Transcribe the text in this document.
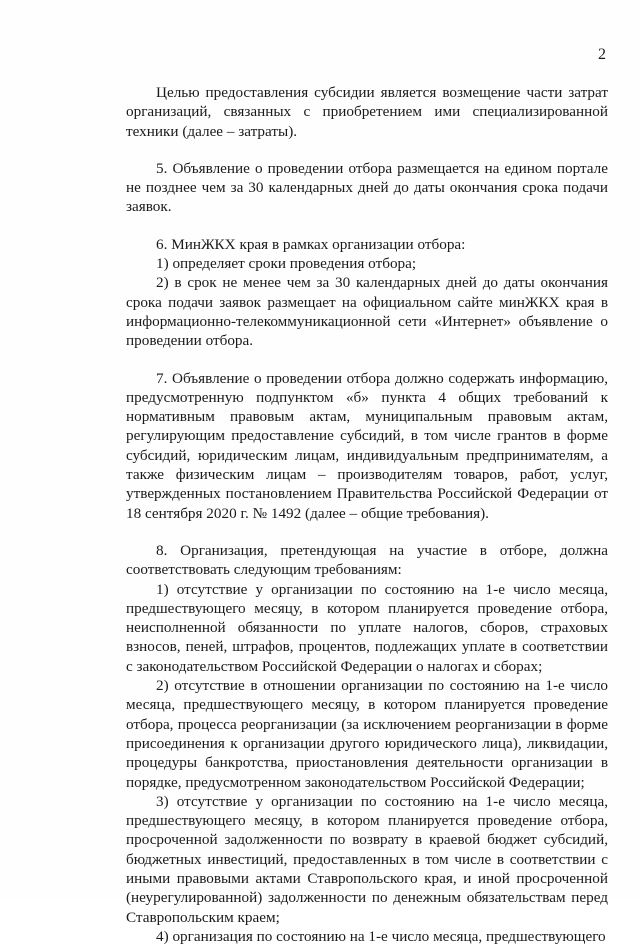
2

Целью предоставления субсидии является возмещение части затрат организаций, связанных с приобретением ими специализированной техники (далее – затраты).

5. Объявление о проведении отбора размещается на едином портале не позднее чем за 30 календарных дней до даты окончания срока подачи заявок.

6. МинЖКХ края в рамках организации отбора:

1) определяет сроки проведения отбора;

2) в срок не менее чем за 30 календарных дней до даты окончания срока подачи заявок размещает на официальном сайте минЖКХ края в информационно-телекоммуникационной сети «Интернет» объявление о проведении отбора.

7. Объявление о проведении отбора должно содержать информацию, предусмотренную подпунктом «б» пункта 4 общих требований к нормативным правовым актам, муниципальным правовым актам, регулирующим предоставление субсидий, в том числе грантов в форме субсидий, юридическим лицам, индивидуальным предпринимателям, а также физическим лицам – производителям товаров, работ, услуг, утвержденных постановлением Правительства Российской Федерации от 18 сентября 2020 г. № 1492 (далее – общие требования).

8. Организация, претендующая на участие в отборе, должна соответствовать следующим требованиям:

1) отсутствие у организации по состоянию на 1-е число месяца, предшествующего месяцу, в котором планируется проведение отбора, неисполненной обязанности по уплате налогов, сборов, страховых взносов, пеней, штрафов, процентов, подлежащих уплате в соответствии с законодательством Российской Федерации о налогах и сборах;

2) отсутствие в отношении организации по состоянию на 1-е число месяца, предшествующего месяцу, в котором планируется проведение отбора, процесса реорганизации (за исключением реорганизации в форме присоединения к организации другого юридического лица), ликвидации, процедуры банкротства, приостановления деятельности организации в порядке, предусмотренном законодательством Российской Федерации;

3) отсутствие у организации по состоянию на 1-е число месяца, предшествующего месяцу, в котором планируется проведение отбора, просроченной задолженности по возврату в краевой бюджет субсидий, бюджетных инвестиций, предоставленных в том числе в соответствии с иными правовыми актами Ставропольского края, и иной просроченной (неурегулированной) задолженности по денежным обязательствам перед Ставропольским краем;

4) организация по состоянию на 1-е число месяца, предшествующего
